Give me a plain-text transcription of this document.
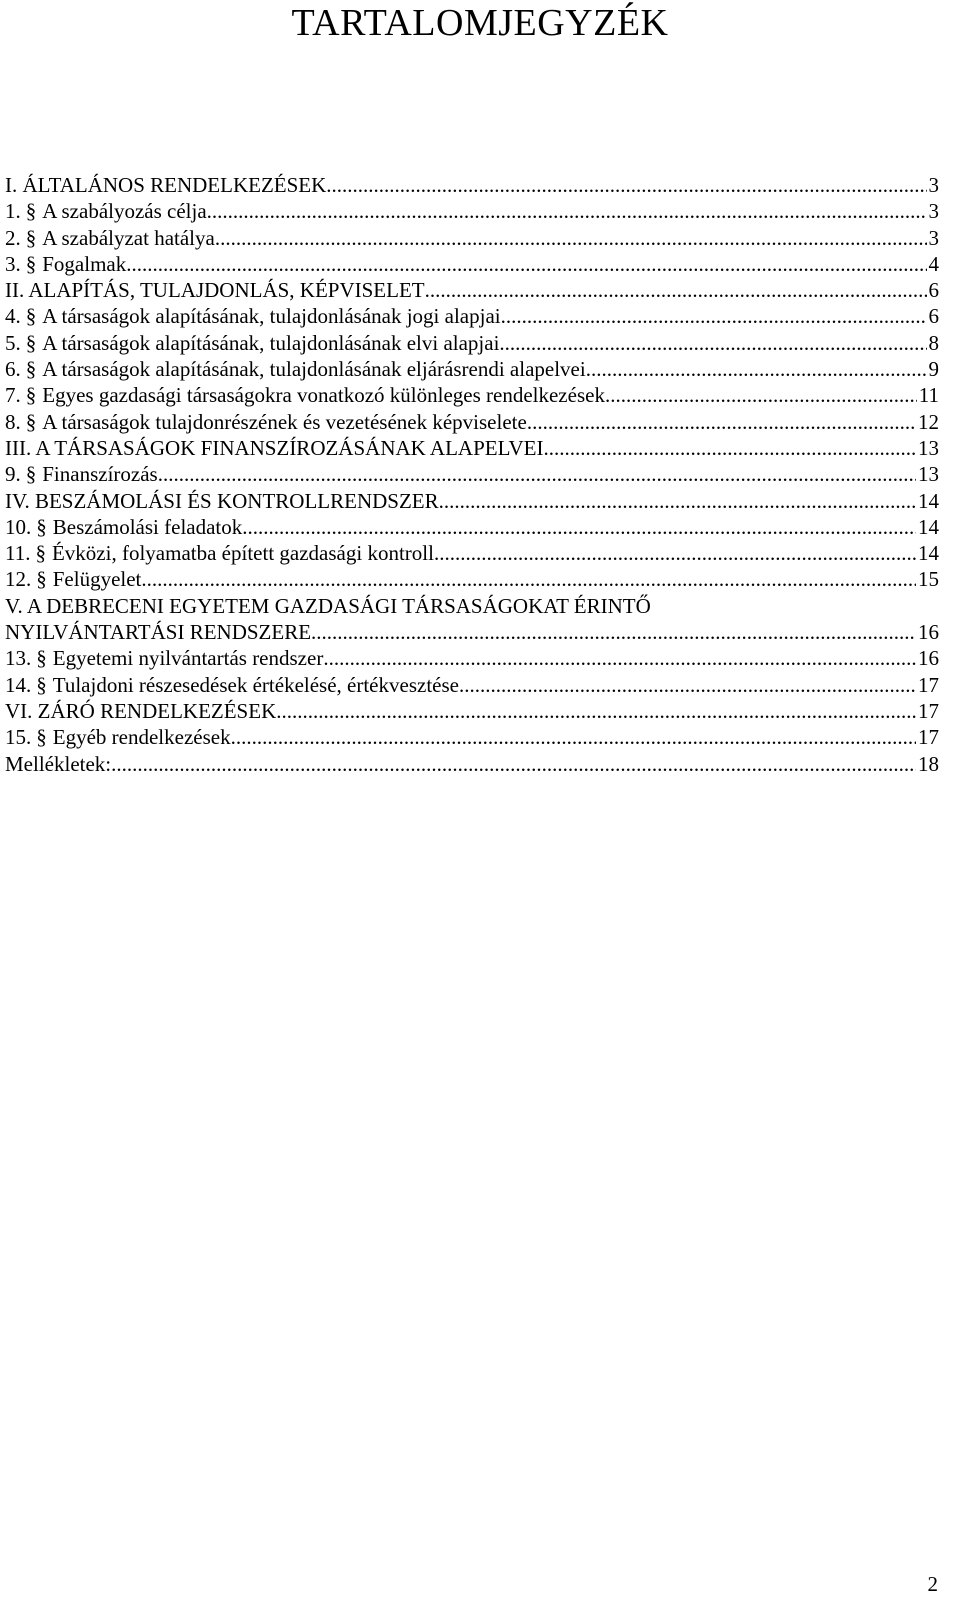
TARTALOMJEGYZÉK
I. ÁLTALÁNOS RENDELKEZÉSEK .....	3
1. § A szabályozás célja .....	3
2. § A szabályzat hatálya .....	3
3. § Fogalmak .....	4
II. ALAPÍTÁS, TULAJDONLÁS, KÉPVISELET .....	6
4. § A társaságok alapításának, tulajdonlásának jogi alapjai .....	6
5. § A társaságok alapításának, tulajdonlásának elvi alapjai .....	8
6. § A társaságok alapításának, tulajdonlásának eljárásrendi alapelvei .....	9
7. § Egyes gazdasági társaságokra vonatkozó különleges rendelkezések .....	11
8. § A társaságok tulajdonrészének és vezetésének képviselete .....	12
III. A TÁRSASÁGOK FINANSZÍROZÁSÁNAK ALAPELVEI .....	13
9. § Finanszírozás .....	13
IV. BESZÁMOLÁSI ÉS KONTROLLRENDSZER .....	14
10. § Beszámolási feladatok .....	14
11. § Évközi, folyamatba épített gazdasági kontroll .....	14
12. § Felügyelet .....	15
V. A DEBRECENI EGYETEM GAZDASÁGI TÁRSASÁGOKAT ÉRINTŐ
NYILVÁNTARTÁSI RENDSZERE .....	16
13. § Egyetemi nyilvántartás rendszer .....	16
14. § Tulajdoni részesedések értékelésé, értékvesztése .....	17
VI. ZÁRÓ RENDELKEZÉSEK .....	17
15. § Egyéb rendelkezések .....	17
Mellékletek: .....	18
2
